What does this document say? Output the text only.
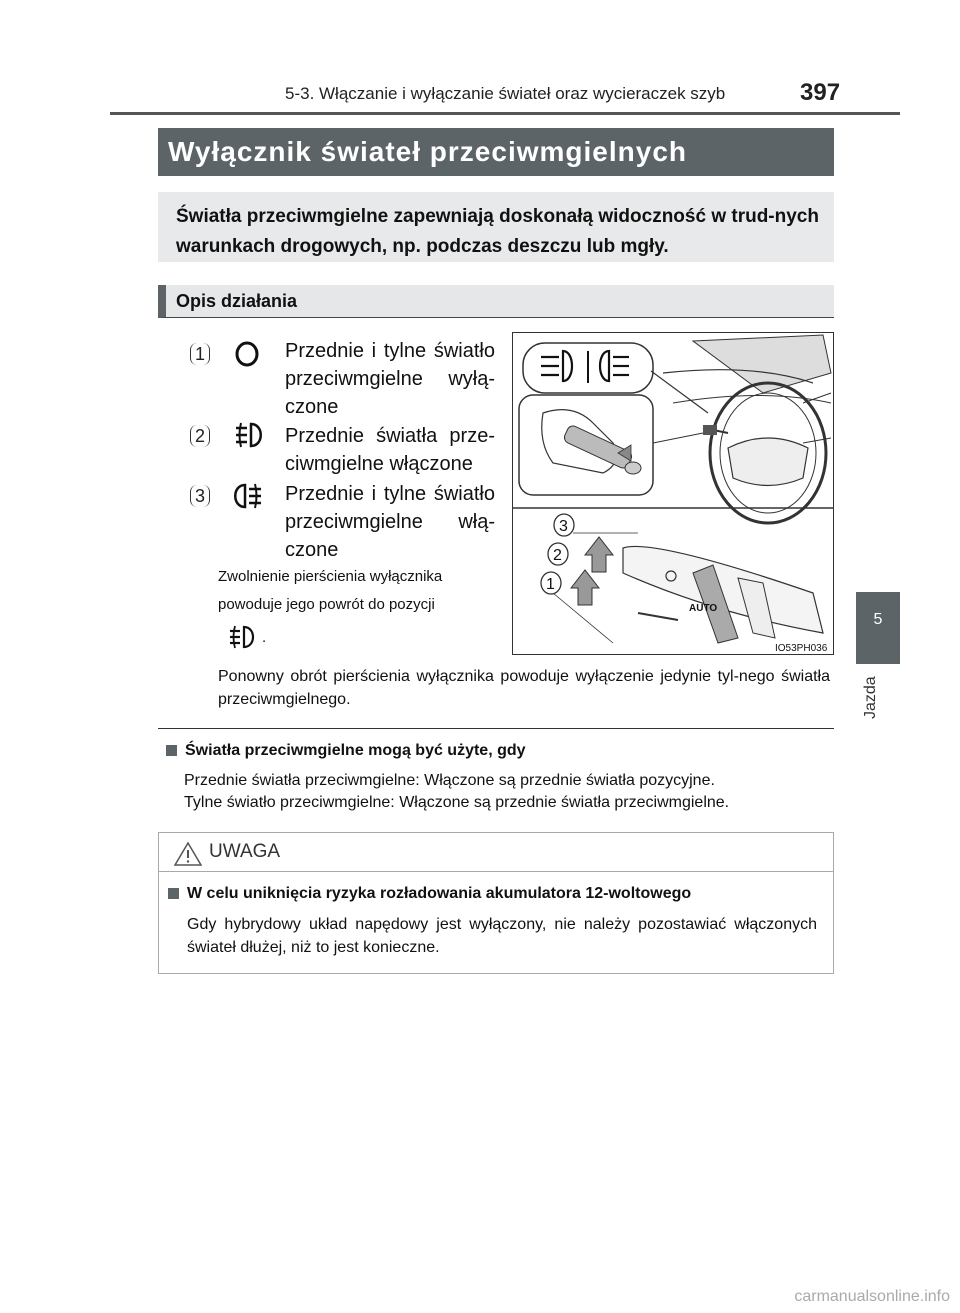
5-3. Włączanie i wyłączanie świateł oraz wycieraczek szyb	397
Wyłącznik świateł przeciwmgielnych
Światła przeciwmgielne zapewniają doskonałą widoczność w trud-nych warunkach drogowych, np. podczas deszczu lub mgły.
Opis działania
1	Przednie i tylne światło przeciwmgielne wyłą-czone
2	Przednie światła prze-ciwmgielne włączone
3	Przednie i tylne światło przeciwmgielne włą-czone
Zwolnienie pierścienia wyłącznika powoduje jego powrót do pozycji
.
AUTO
3
2
1
IO53PH036
Ponowny obrót pierścienia wyłącznika powoduje wyłączenie jedynie tyl-nego światła przeciwmgielnego.
Światła przeciwmgielne mogą być użyte, gdy
Przednie światła przeciwmgielne: Włączone są przednie światła pozycyjne.
Tylne światło przeciwmgielne: Włączone są przednie światła przeciwmgielne.
UWAGA
W celu uniknięcia ryzyka rozładowania akumulatora 12-woltowego
Gdy hybrydowy układ napędowy jest wyłączony, nie należy pozostawiać włączonych świateł dłużej, niż to jest konieczne.
5
Jazda
carmanualsonline.info
